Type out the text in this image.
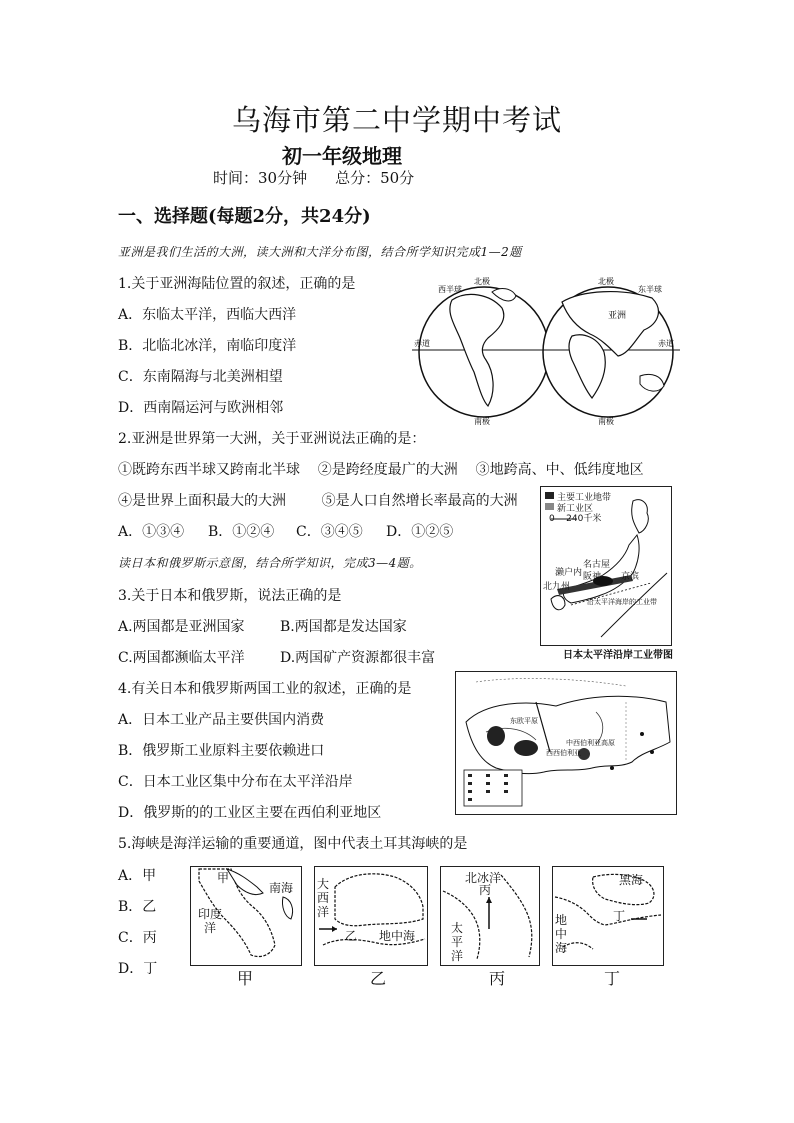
乌海市第二中学期中考试
初一年级地理
时间：30分钟 总分：50分
一、选择题(每题2分，共24分)
亚洲是我们生活的大洲，读大洲和大洋分布图，结合所学知识完成1—2题
1.关于亚洲海陆位置的叙述，正确的是
A．东临太平洋，西临大西洋
B．北临北冰洋，南临印度洋
C．东南隔海与北美洲相望
D．西南隔运河与欧洲相邻
北极	北极
南极	南极
赤道	赤道
西半球	东半球
亚洲
2.亚洲是世界第一大洲，关于亚洲说法正确的是：
①既跨东西半球又跨南北半球    ②是跨经度最广的大洲    ③地跨高、中、低纬度地区
④是世界上面积最大的大洲        ⑤是人口自然增长率最高的大洲
A．①③④ B．①②④ C．③④⑤ D．①②⑤
主要工业地带
新工业区
0    240千米
名古屋
濑户内	京滨
阪神
北九州
沿太平洋海岸的工业带
日本太平洋沿岸工业带图
读日本和俄罗斯示意图，结合所学知识，完成3—4题。
3.关于日本和俄罗斯，说法正确的是
A.两国都是亚洲国家	B.两国都是发达国家
C.两国都濒临太平洋	D.两国矿产资源都很丰富
4.有关日本和俄罗斯两国工业的叙述，正确的是
A．日本工业产品主要供国内消费
B．俄罗斯工业原料主要依赖进口
C．日本工业区集中分布在太平洋沿岸
D．俄罗斯的的工业区主要在西伯利亚地区
东欧平原
西西伯利亚
中西伯利亚高原
5.海峡是海洋运输的重要通道，图中代表土耳其海峡的是
A．甲
B．乙
C．丙
D．丁
甲
南海
印度洋
大西洋
乙 地中海
北冰洋
丙
太平洋
黑海
丁
地中海
甲	乙	丙	丁
